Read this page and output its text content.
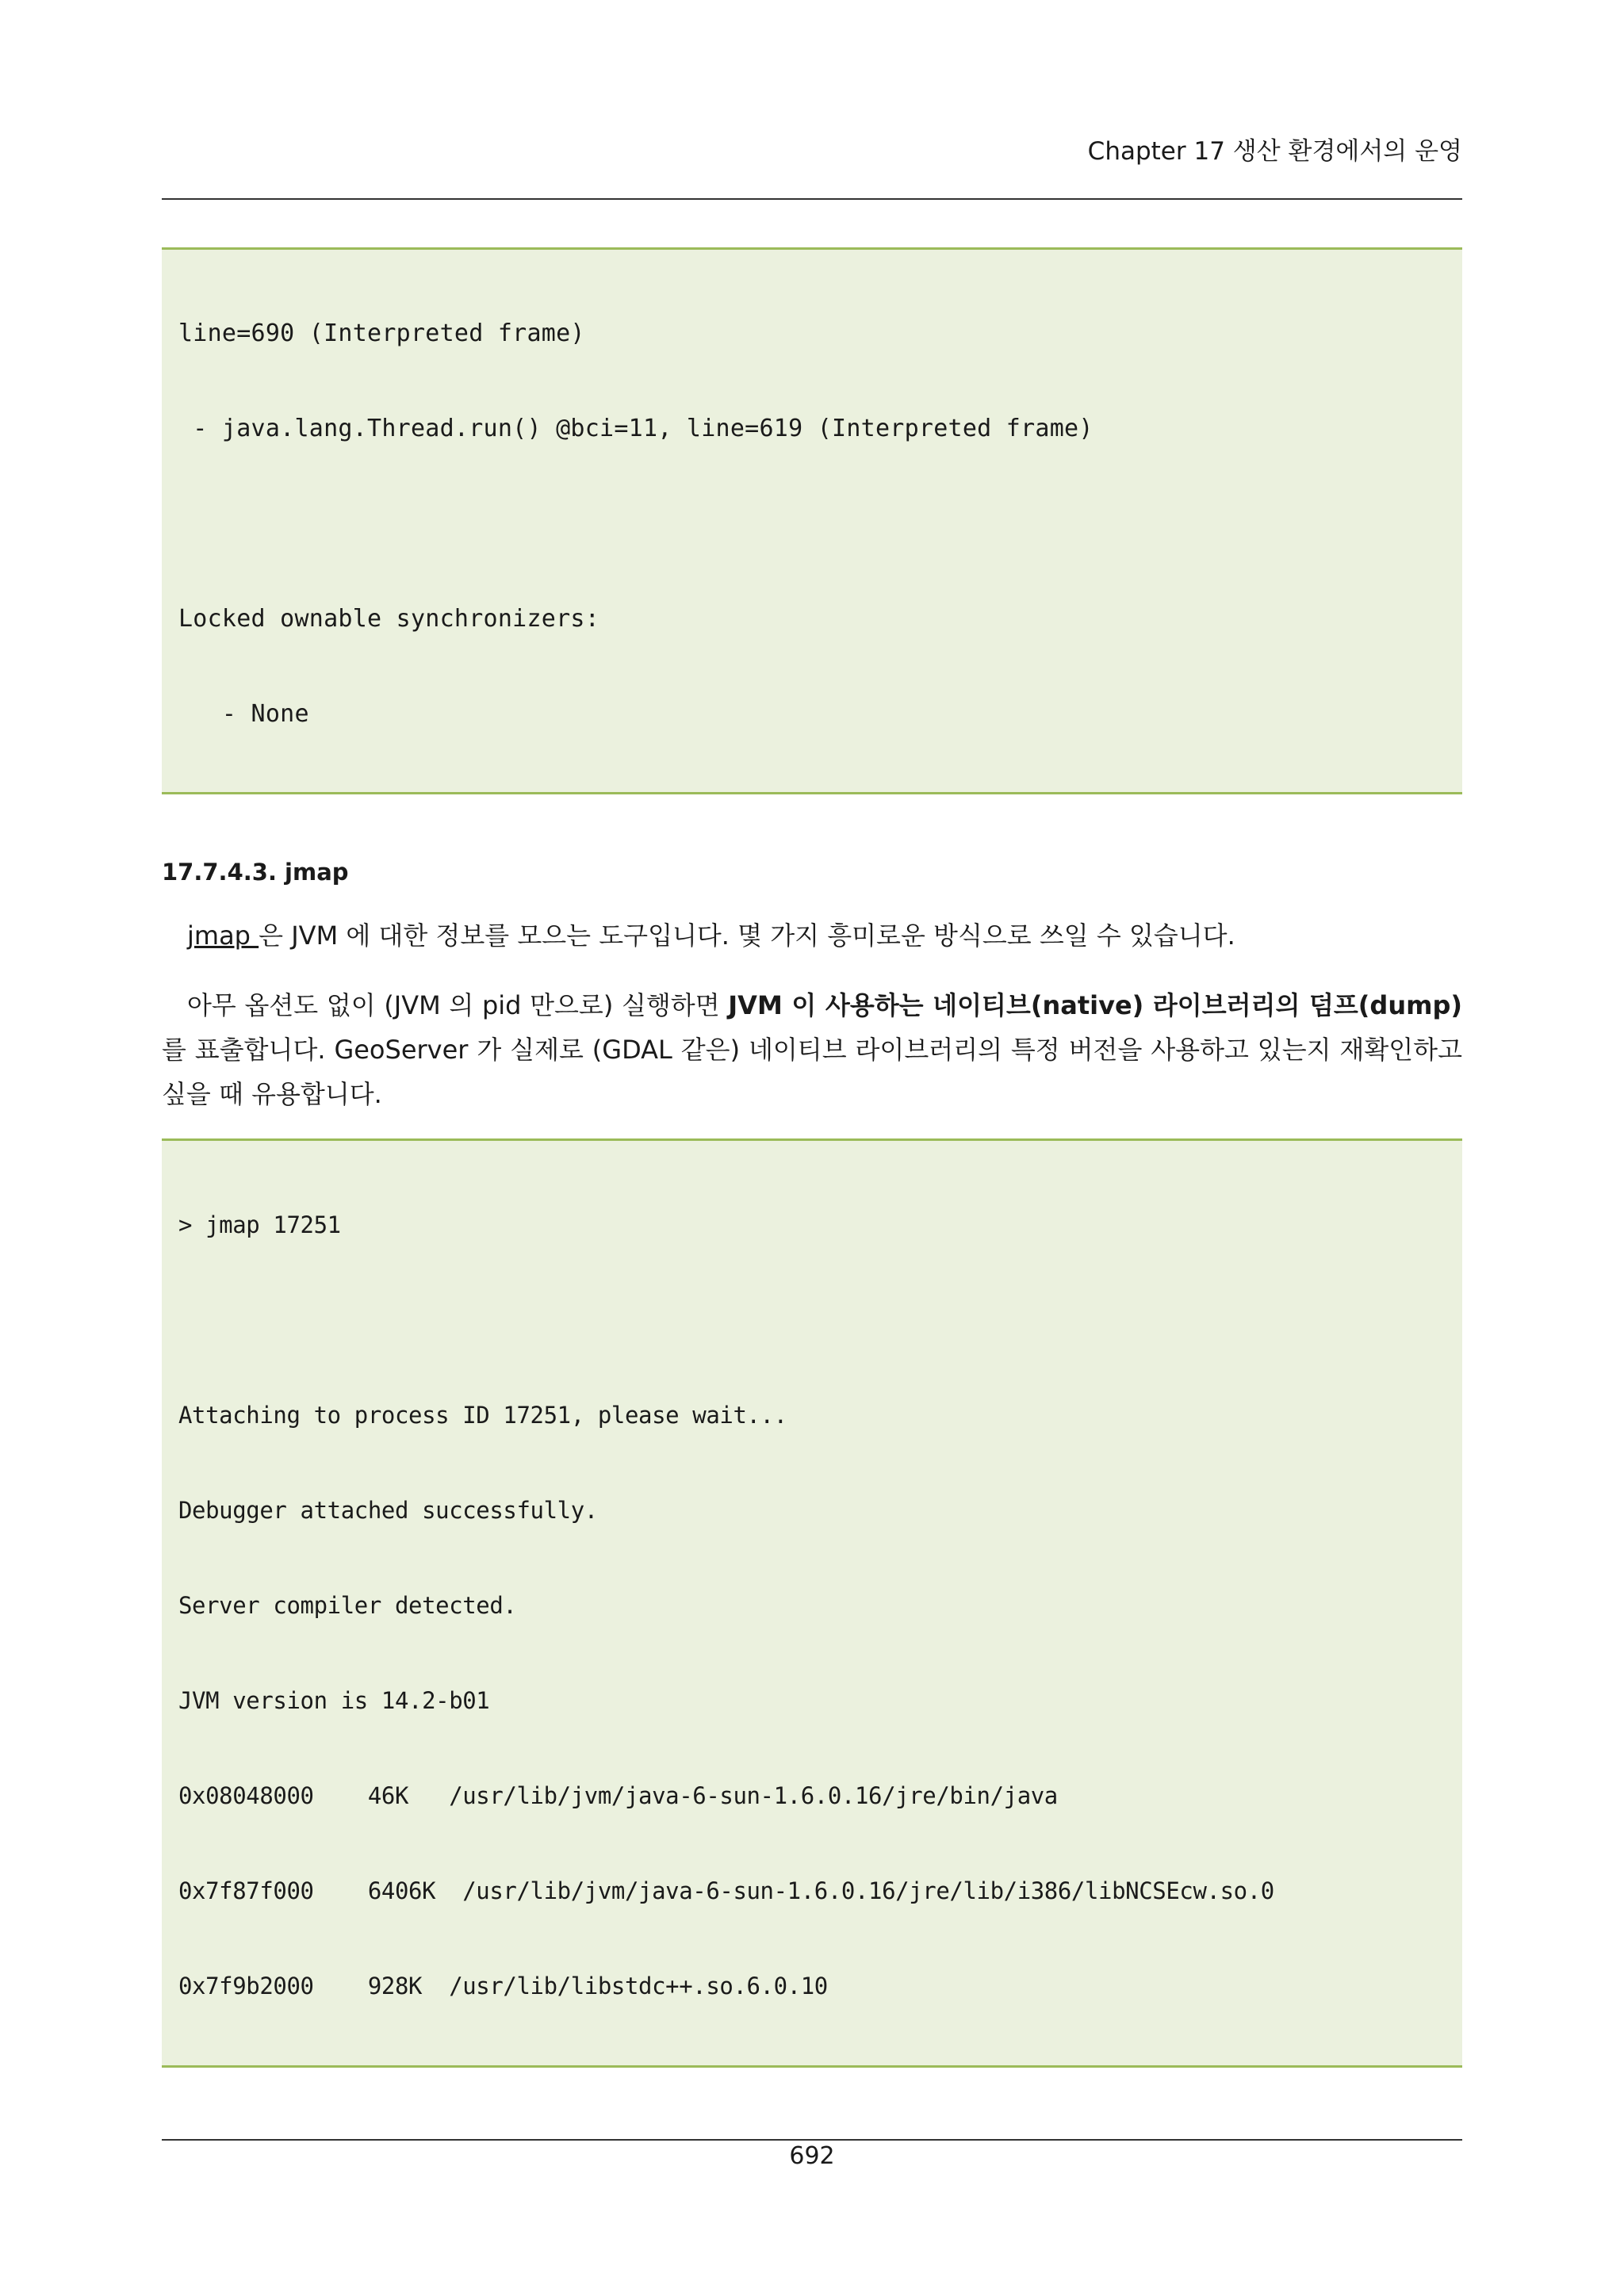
Chapter 17 생산 환경에서의 운영

line=690 (Interpreted frame)

- java.lang.Thread.run() @bci=11, line=619 (Interpreted frame)

Locked ownable synchronizers:

- None

17.7.4.3. jmap

jmap 은 JVM 에 대한 정보를 모으는 도구입니다. 몇 가지 흥미로운 방식으로 쓰일 수 있습니다.

아무 옵션도 없이 (JVM 의 pid 만으로) 실행하면 JVM 이 사용하는 네이티브(native) 라이브러리의 덤프(dump)를 표출합니다. GeoServer 가 실제로 (GDAL 같은) 네이티브 라이브러리의 특정 버전을 사용하고 있는지 재확인하고 싶을 때 유용합니다.

> jmap 17251

Attaching to process ID 17251, please wait...

Debugger attached successfully.

Server compiler detected.

JVM version is 14.2-b01

0x08048000    46K   /usr/lib/jvm/java-6-sun-1.6.0.16/jre/bin/java

0x7f87f000    6406K  /usr/lib/jvm/java-6-sun-1.6.0.16/jre/lib/i386/libNCSEcw.so.0

0x7f9b2000    928K  /usr/lib/libstdc++.so.6.0.10

692
